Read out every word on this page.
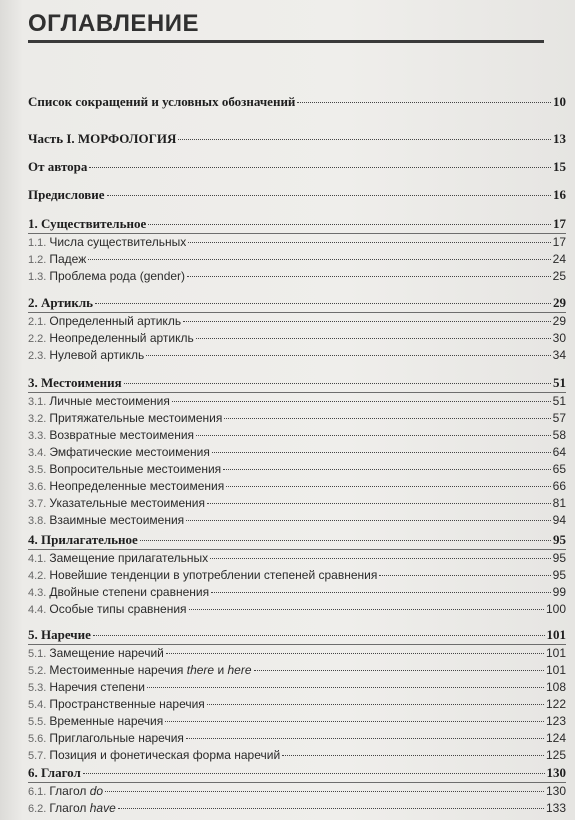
ОГЛАВЛЕНИЕ
Список сокращений и условных обозначений	10
Часть I. МОРФОЛОГИЯ	13
От автора	15
Предисловие	16
1. Существительное	17
1.1. Числа существительных	17
1.2. Падеж	24
1.3. Проблема рода (gender)	25
2. Артикль	29
2.1. Определенный артикль	29
2.2. Неопределенный артикль	30
2.3. Нулевой артикль	34
3. Местоимения	51
3.1. Личные местоимения	51
3.2. Притяжательные местоимения	57
3.3. Возвратные местоимения	58
3.4. Эмфатические местоимения	64
3.5. Вопросительные местоимения	65
3.6. Неопределенные местоимения	66
3.7. Указательные местоимения	81
3.8. Взаимные местоимения	94
4. Прилагательное	95
4.1. Замещение прилагательных	95
4.2. Новейшие тенденции в употреблении степеней сравнения	95
4.3. Двойные степени сравнения	99
4.4. Особые типы сравнения	100
5. Наречие	101
5.1. Замещение наречий	101
5.2. Местоименные наречия there и here	101
5.3. Наречия степени	108
5.4. Пространственные наречия	122
5.5. Временные наречия	123
5.6. Приглагольные наречия	124
5.7. Позиция и фонетическая форма наречий	125
6. Глагол	130
6.1. Глагол do	130
6.2. Глагол have	133
